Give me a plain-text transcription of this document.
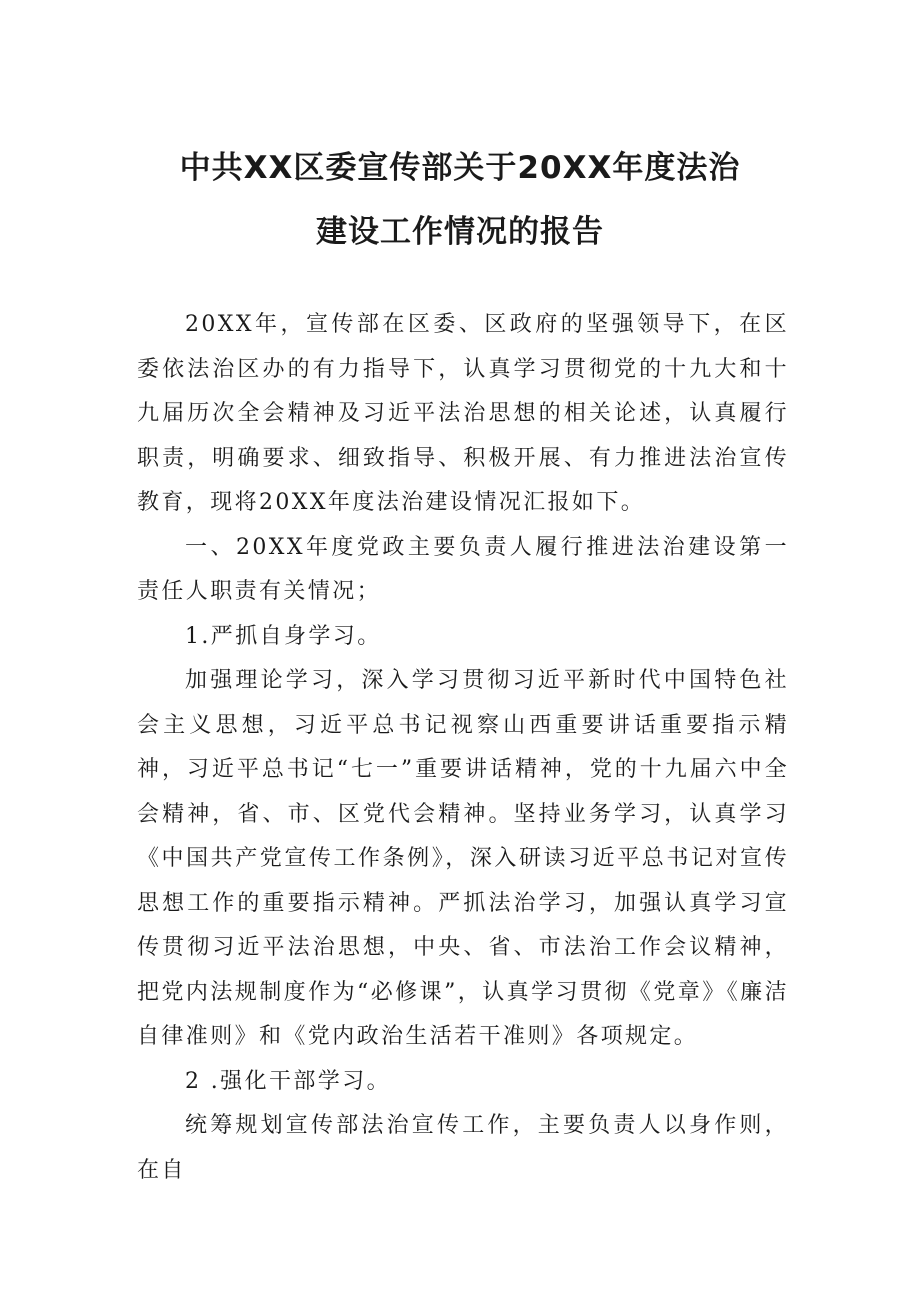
中共XX区委宣传部关于20XX年度法治
建设工作情况的报告

20XX年，宣传部在区委、区政府的坚强领导下，在区委依法治区办的有力指导下，认真学习贯彻党的十九大和十九届历次全会精神及习近平法治思想的相关论述，认真履行职责，明确要求、细致指导、积极开展、有力推进法治宣传教育，现将20XX年度法治建设情况汇报如下。

一、20XX年度党政主要负责人履行推进法治建设第一责任人职责有关情况；

1.严抓自身学习。

加强理论学习，深入学习贯彻习近平新时代中国特色社会主义思想，习近平总书记视察山西重要讲话重要指示精神，习近平总书记“七一”重要讲话精神，党的十九届六中全会精神，省、市、区党代会精神。坚持业务学习，认真学习《中国共产党宣传工作条例》，深入研读习近平总书记对宣传思想工作的重要指示精神。严抓法治学习，加强认真学习宣传贯彻习近平法治思想，中央、省、市法治工作会议精神，把党内法规制度作为“必修课”，认真学习贯彻《党章》《廉洁自律准则》和《党内政治生活若干准则》各项规定。

2 .强化干部学习。

统筹规划宣传部法治宣传工作，主要负责人以身作则，在自
